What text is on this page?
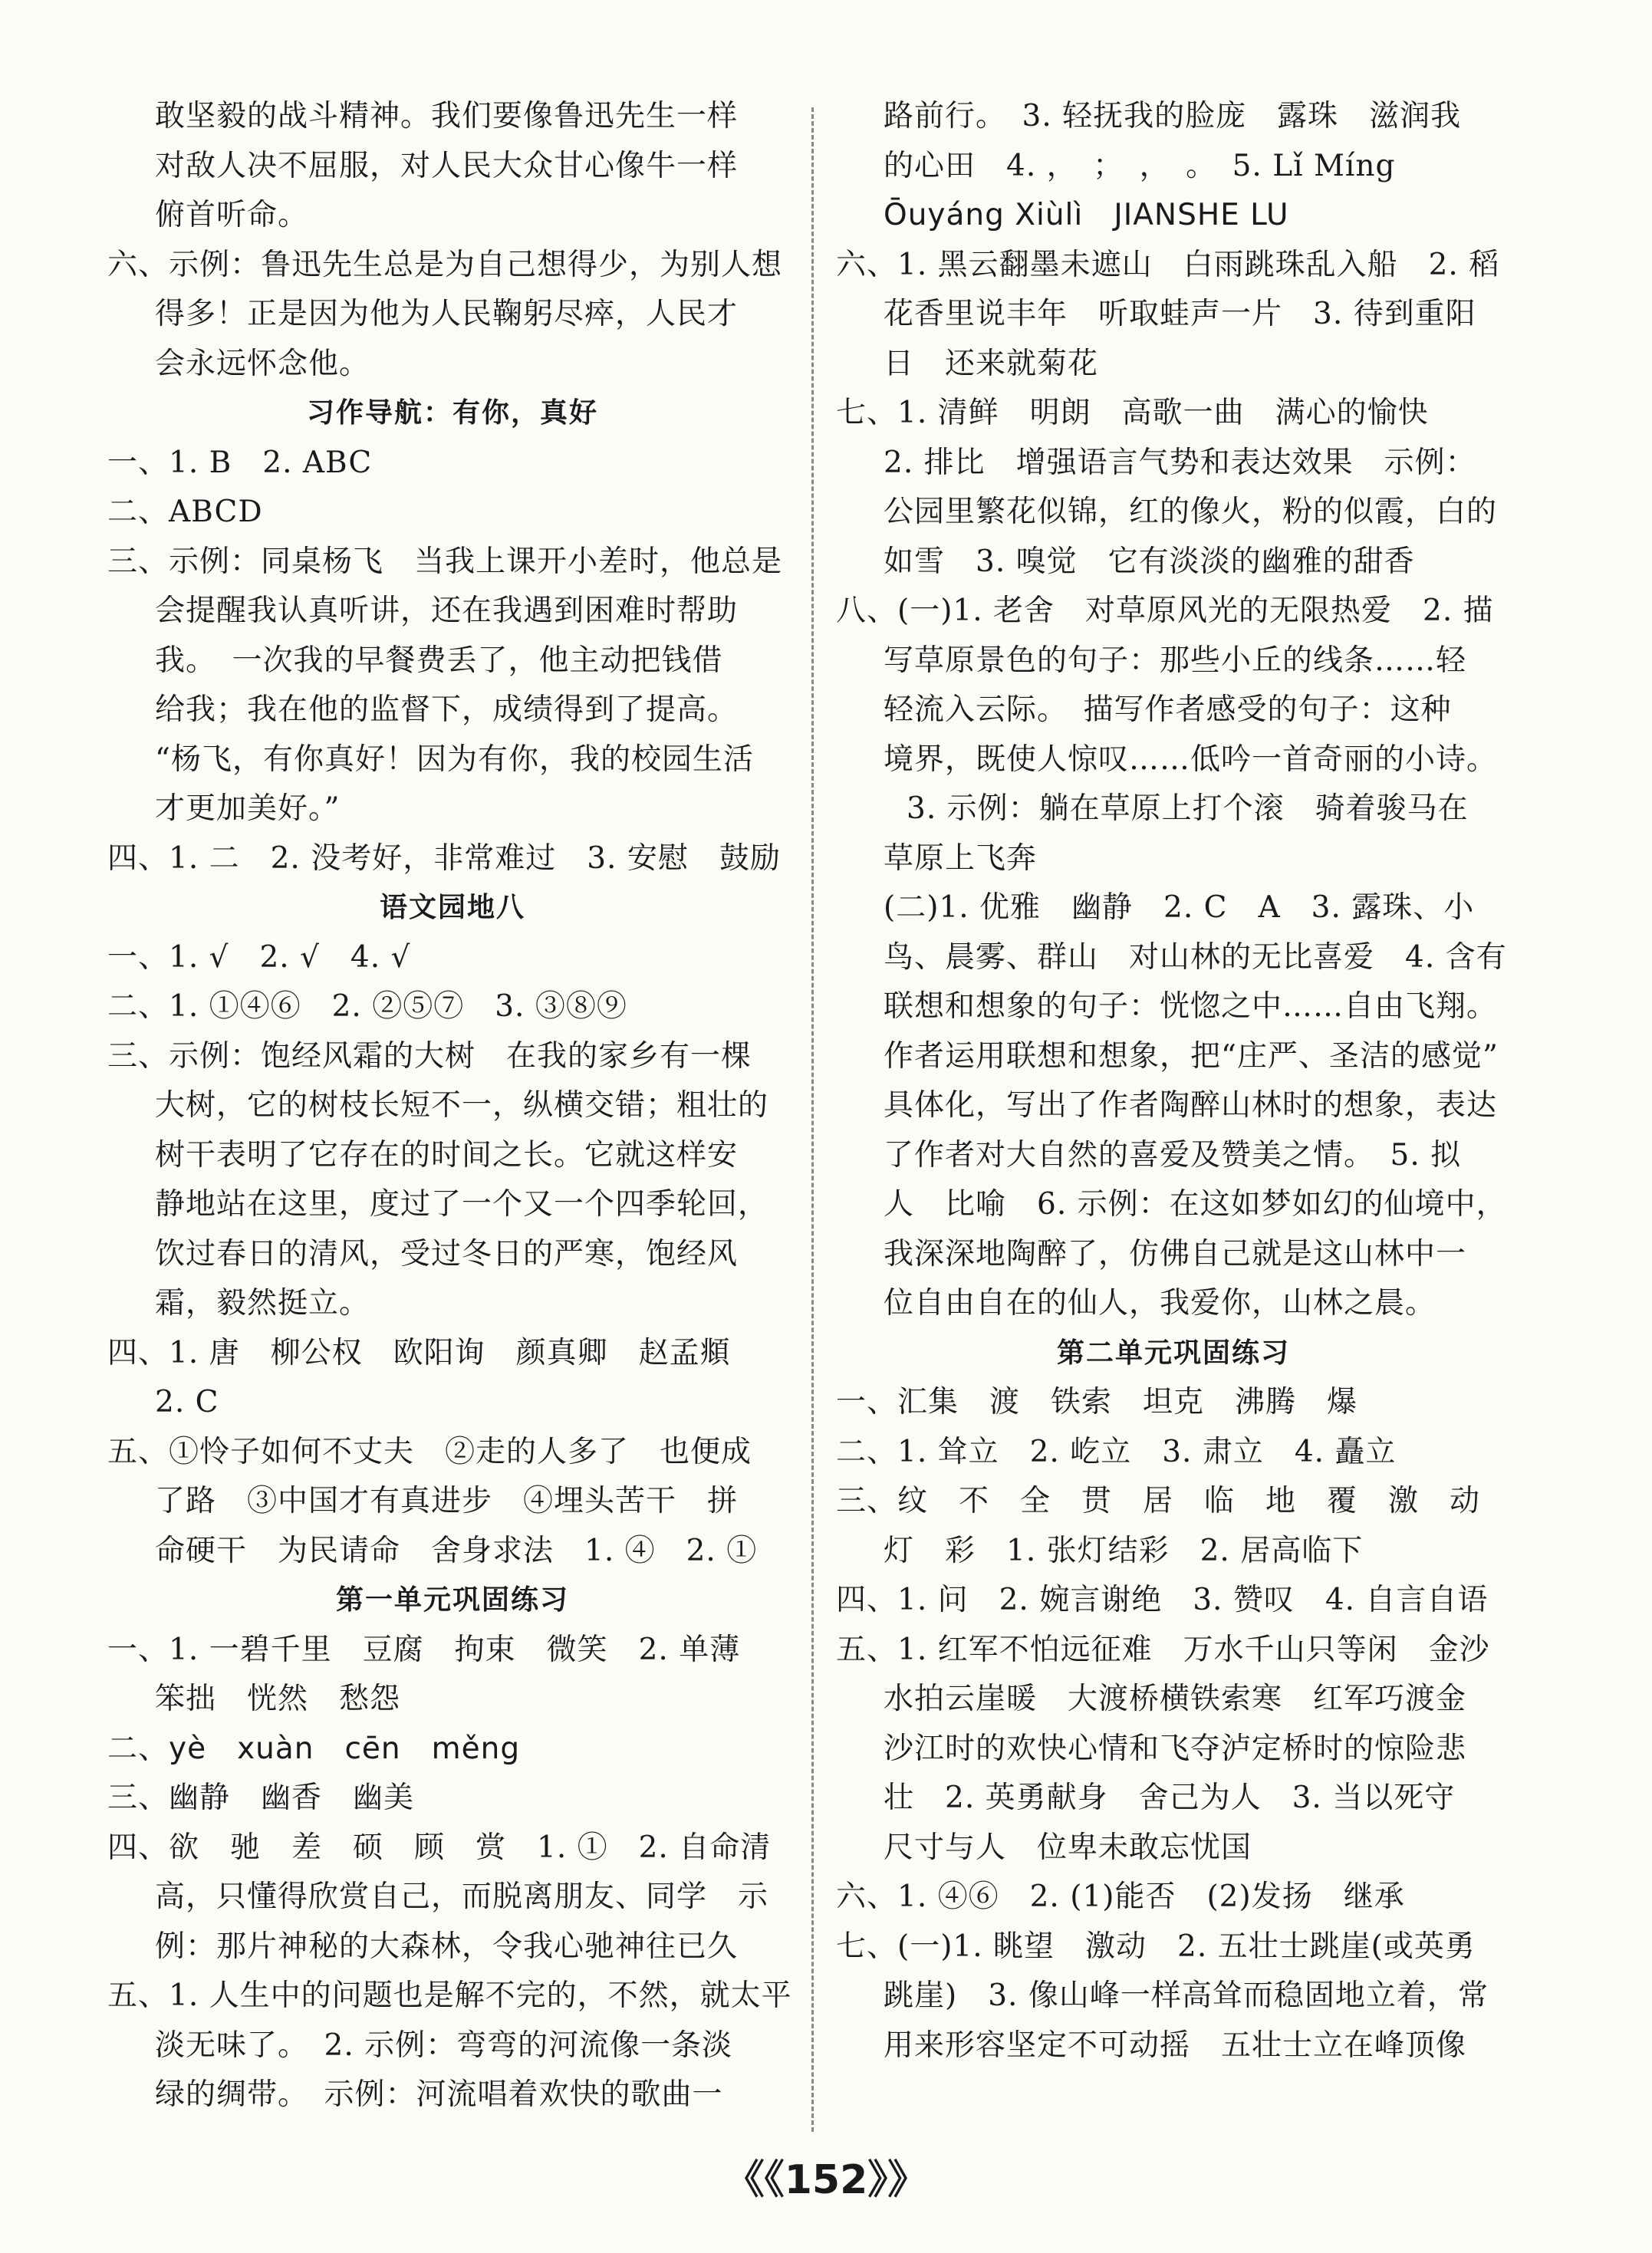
敢坚毅的战斗精神。我们要像鲁迅先生一样
对敌人决不屈服，对人民大众甘心像牛一样
俯首听命。
六、示例：鲁迅先生总是为自己想得少，为别人想
得多！正是因为他为人民鞠躬尽瘁，人民才
会永远怀念他。
习作导航：有你，真好
一、1. B　2. ABC
二、ABCD
三、示例：同桌杨飞　当我上课开小差时，他总是
会提醒我认真听讲，还在我遇到困难时帮助
我。　一次我的早餐费丢了，他主动把钱借
给我；我在他的监督下，成绩得到了提高。
“杨飞，有你真好！因为有你，我的校园生活
才更加美好。”
四、1. 二　2. 没考好，非常难过　3. 安慰　鼓励
语文园地八
一、1. √　2. √　4. √
二、1. ①④⑥　2. ②⑤⑦　3. ③⑧⑨
三、示例：饱经风霜的大树　在我的家乡有一棵
大树，它的树枝长短不一，纵横交错；粗壮的
树干表明了它存在的时间之长。它就这样安
静地站在这里，度过了一个又一个四季轮回，
饮过春日的清风，受过冬日的严寒，饱经风
霜，毅然挺立。
四、1. 唐　柳公权　欧阳询　颜真卿　赵孟頫
2. C
五、①怜子如何不丈夫　②走的人多了　也便成
了路　③中国才有真进步　④埋头苦干　拼
命硬干　为民请命　舍身求法　1. ④　2. ①
第一单元巩固练习
一、1. 一碧千里　豆腐　拘束　微笑　2. 单薄
笨拙　恍然　愁怨
二、yè　xuàn　cēn　měng
三、幽静　幽香　幽美
四、欲　驰　差　硕　顾　赏　1. ①　2. 自命清
高，只懂得欣赏自己，而脱离朋友、同学　示
例：那片神秘的大森林，令我心驰神往已久
五、1. 人生中的问题也是解不完的，不然，就太平
淡无味了。　2. 示例：弯弯的河流像一条淡
绿的绸带。　示例：河流唱着欢快的歌曲一
路前行。　3. 轻抚我的脸庞　露珠　滋润我
的心田　4. ，　；　，　。　5. Lǐ Míng
Ōuyáng Xiùlì　JIANSHE LU
六、1. 黑云翻墨未遮山　白雨跳珠乱入船　2. 稻
花香里说丰年　听取蛙声一片　3. 待到重阳
日　还来就菊花
七、1. 清鲜　明朗　高歌一曲　满心的愉快
2. 排比　增强语言气势和表达效果　示例：
公园里繁花似锦，红的像火，粉的似霞，白的
如雪　3. 嗅觉　它有淡淡的幽雅的甜香
八、(一)1. 老舍　对草原风光的无限热爱　2. 描
写草原景色的句子：那些小丘的线条……轻
轻流入云际。　描写作者感受的句子：这种
境界，既使人惊叹……低吟一首奇丽的小诗。
3. 示例：躺在草原上打个滚　骑着骏马在
草原上飞奔
(二)1. 优雅　幽静　2. C　A　3. 露珠、小
鸟、晨雾、群山　对山林的无比喜爱　4. 含有
联想和想象的句子：恍惚之中……自由飞翔。
作者运用联想和想象，把“庄严、圣洁的感觉”
具体化，写出了作者陶醉山林时的想象，表达
了作者对大自然的喜爱及赞美之情。　5. 拟
人　比喻　6. 示例：在这如梦如幻的仙境中，
我深深地陶醉了，仿佛自己就是这山林中一
位自由自在的仙人，我爱你，山林之晨。
第二单元巩固练习
一、汇集　渡　铁索　坦克　沸腾　爆
二、1. 耸立　2. 屹立　3. 肃立　4. 矗立
三、纹　不　全　贯　居　临　地　覆　激　动
灯　彩　1. 张灯结彩　2. 居高临下
四、1. 问　2. 婉言谢绝　3. 赞叹　4. 自言自语
五、1. 红军不怕远征难　万水千山只等闲　金沙
水拍云崖暖　大渡桥横铁索寒　红军巧渡金
沙江时的欢快心情和飞夺泸定桥时的惊险悲
壮　2. 英勇献身　舍己为人　3. 当以死守
尺寸与人　位卑未敢忘忧国
六、1. ④⑥　2. (1)能否　(2)发扬　继承
七、(一)1. 眺望　激动　2. 五壮士跳崖(或英勇
跳崖)　3. 像山峰一样高耸而稳固地立着，常
用来形容坚定不可动摇　五壮士立在峰顶像
《《152》》
